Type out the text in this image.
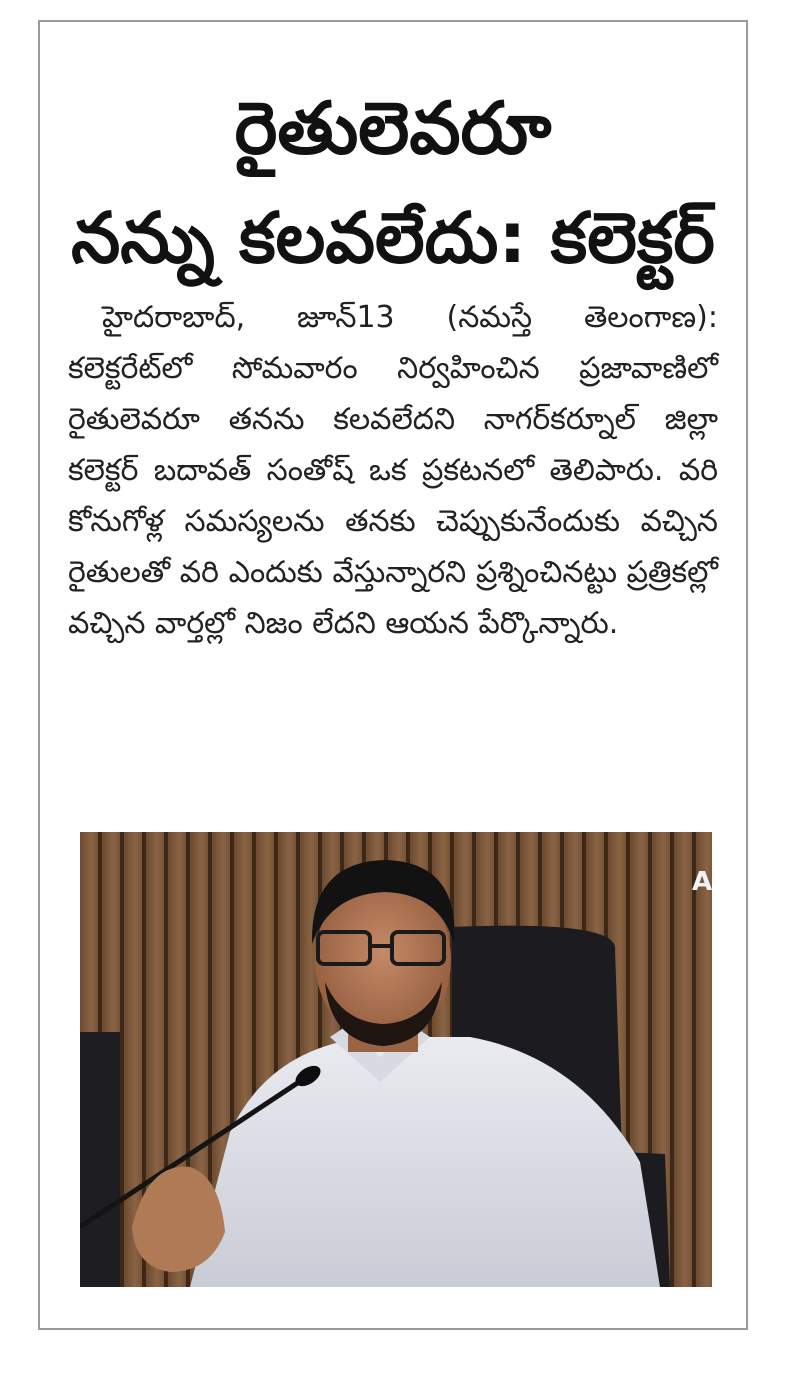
రైతులెవరూ
నన్ను కలవలేదు: కలెక్టర్
హైదరాబాద్, జూన్13 (నమస్తే తెలంగాణ): కలెక్టరేట్‌లో సోమవారం నిర్వహించిన ప్రజావాణిలో రైతులెవరూ తనను కలవలేదని నాగర్‌కర్నూల్ జిల్లా కలెక్టర్ బదావత్ సంతోష్ ఒక ప్రకటనలో తెలిపారు. వరి కోనుగోళ్ల సమస్యలను తనకు చెప్పుకునేందుకు వచ్చిన రైతులతో వరి ఎందుకు వేస్తున్నారని ప్రశ్నించినట్టు ప్రత్రికల్లో వచ్చిన వార్తల్లో నిజం లేదని ఆయన పేర్కొన్నారు.
A
